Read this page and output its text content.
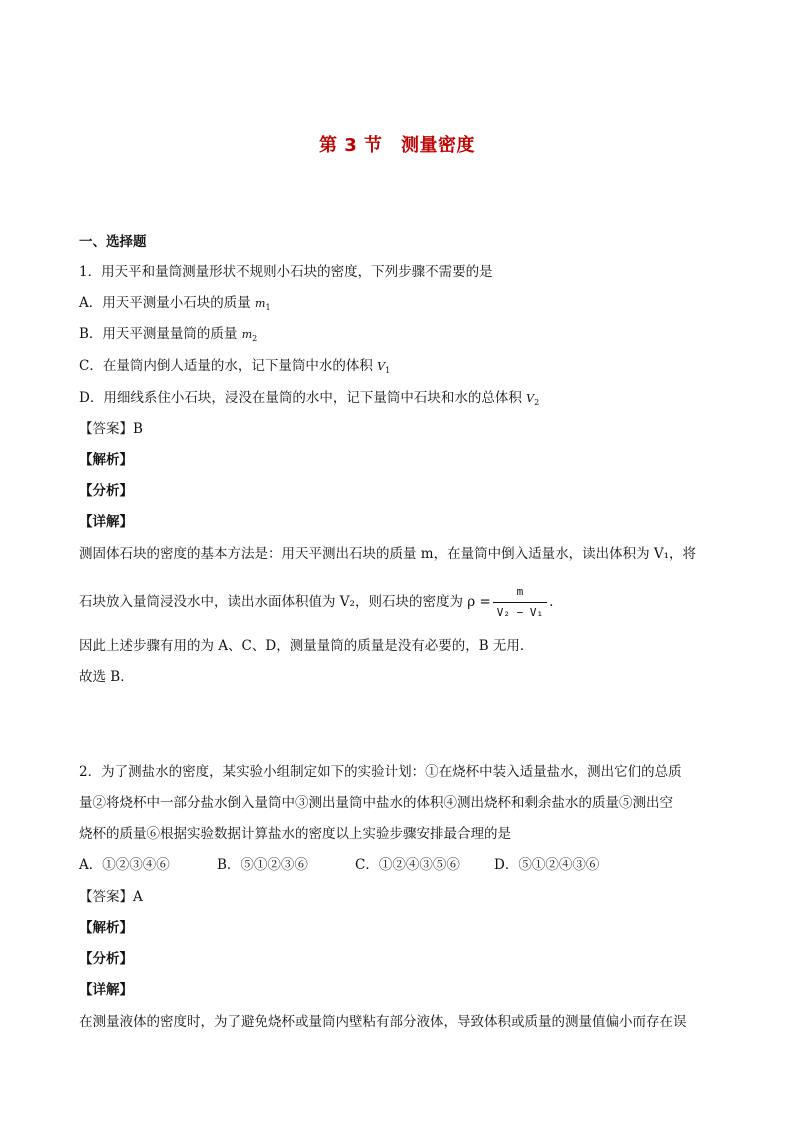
第 3 节　测量密度
一、选择题
1．用天平和量筒测量形状不规则小石块的密度，下列步骤不需要的是
A．用天平测量小石块的质量 $m_1$
B．用天平测量量筒的质量 $m_2$
C．在量筒内倒人适量的水，记下量筒中水的体积 $V_1$
D．用细线系住小石块，浸没在量筒的水中，记下量筒中石块和水的总体积 $V_2$
【答案】B
【解析】
【分析】
【详解】
测固体石块的密度的基本方法是：用天平测出石块的质量 m，在量筒中倒入适量水，读出体积为 V₁，将
石块放入量筒浸没水中，读出水面体积值为 V₂，则石块的密度为 $\rho = \frac{m}{\text{V₂ − V₁}}$ .
因此上述步骤有用的为 A、C、D，测量量筒的质量是没有必要的，B 无用．
故选 B．
2．为了测盐水的密度，某实验小组制定如下的实验计划：①在烧杯中装入适量盐水，测出它们的总质
量②将烧杯中一部分盐水倒入量筒中③测出量筒中盐水的体积④测出烧杯和剩余盐水的质量⑤测出空
烧杯的质量⑥根据实验数据计算盐水的密度以上实验步骤安排最合理的是
A．①②③④⑥	B．⑤①②③⑥	C．①②④③⑤⑥	D．⑤①②④③⑥
【答案】A
【解析】
【分析】
【详解】
在测量液体的密度时，为了避免烧杯或量筒内壁粘有部分液体，导致体积或质量的测量值偏小而存在误
